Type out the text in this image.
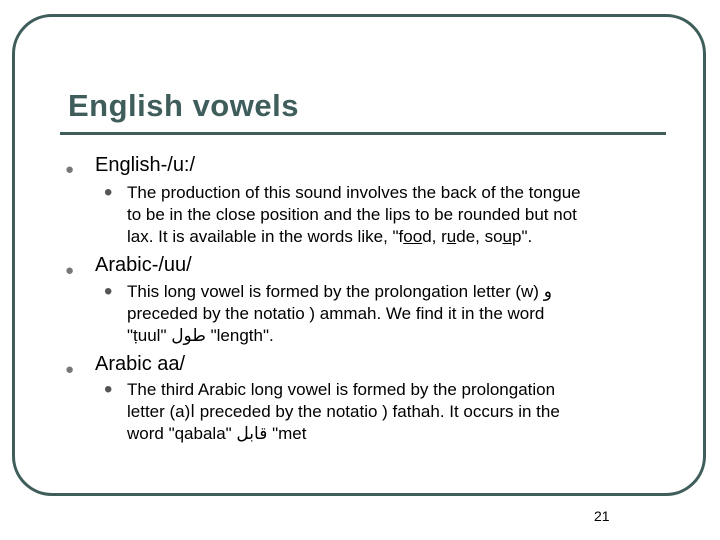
English vowels
● English-/u:/
• The production of this sound involves the back of the tongue
to be in the close position and the lips to be rounded but not
lax. It is available in the words like, "food, rude, soup".
● Arabic-/uu/
• This long vowel is formed by the prolongation letter (w) و
preceded by the notatio ) ammah. We find it in the word
"ṭuul" طول "length".
● Arabic aa/
• The third Arabic long vowel is formed by the prolongation
letter (a)ا preceded by the notatio ) fathah. It occurs in the
word "qabala" قابل "met
21
